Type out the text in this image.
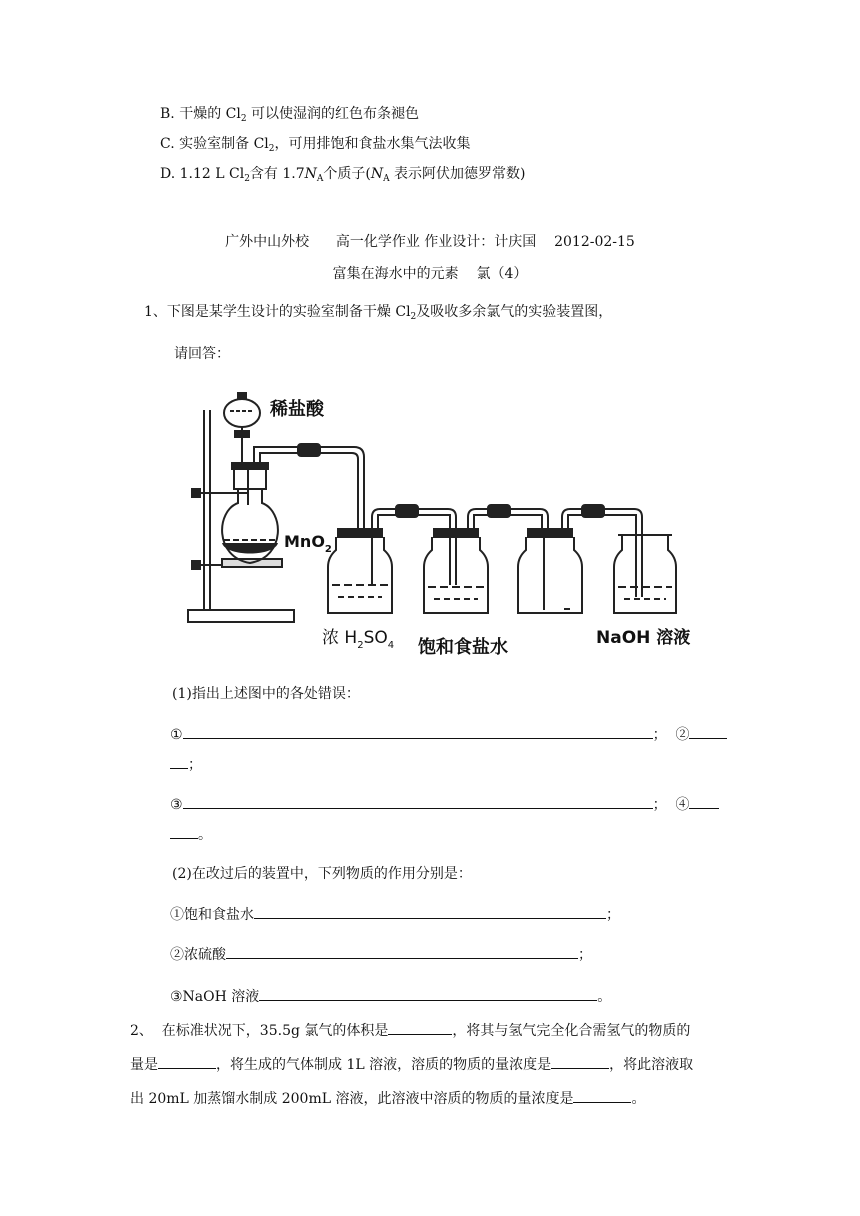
B. 干燥的 $Cl_2$ 可以使湿润的红色布条褪色
C. 实验室制备 $Cl_2$，可用排饱和食盐水集气法收集
D. 1.12 L $Cl_2$含有 $1.7N_A$个质子($N_A$ 表示阿伏加德罗常数)
广外中山外校      高一化学作业 作业设计：计庆国    2012-02-15
富集在海水中的元素    氯（4）
1、下图是某学生设计的实验室制备干燥 $Cl_2$及吸收多余氯气的实验装置图，
请回答：
稀盐酸
MnO$_2$
浓 $H_2SO_4$ 饱和食盐水	NaOH 溶液
(1)指出上述图中的各处错误：
①	；  ②
；
③	；  ④
。
(2)在改过后的装置中，下列物质的作用分别是：
①饱和食盐水	；
②浓硫酸	；
③NaOH 溶液	。
2、  在标准状况下，35.5g 氯气的体积是	，将其与氢气完全化合需氢气的物质的
量是	，将生成的气体制成 1L 溶液，溶质的物质的量浓度是	，将此溶液取
出 20mL 加蒸馏水制成 200mL 溶液，此溶液中溶质的物质的量浓度是	。
